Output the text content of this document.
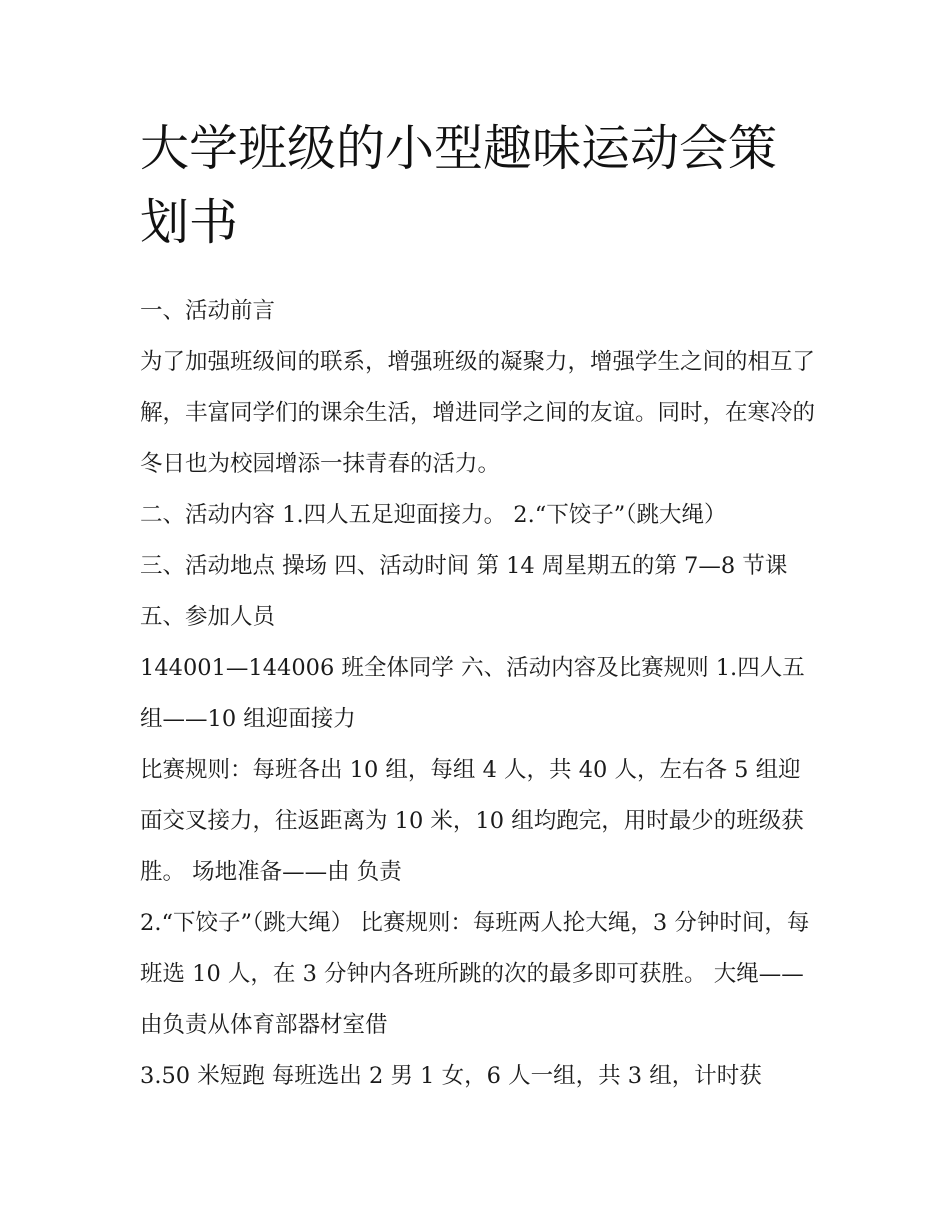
大学班级的小型趣味运动会策划书

一、活动前言

为了加强班级间的联系，增强班级的凝聚力，增强学生之间的相互了解，丰富同学们的课余生活，增进同学之间的友谊。同时，在寒冷的冬日也为校园增添一抹青春的活力。

二、活动内容 1.四人五足迎面接力。 2.“下饺子”（跳大绳）

三、活动地点 操场 四、活动时间 第 14 周星期五的第 7—8 节课 五、参加人员

144001—144006 班全体同学 六、活动内容及比赛规则 1.四人五组——10 组迎面接力

比赛规则：每班各出 10 组，每组 4 人，共 40 人，左右各 5 组迎面交叉接力，往返距离为 10 米，10 组均跑完，用时最少的班级获胜。 场地准备——由 负责

2.“下饺子”（跳大绳） 比赛规则：每班两人抡大绳，3 分钟时间，每班选 10 人，在 3 分钟内各班所跳的次的最多即可获胜。 大绳——由负责从体育部器材室借

3.50 米短跑 每班选出 2 男 1 女，6 人一组，共 3 组，计时获
